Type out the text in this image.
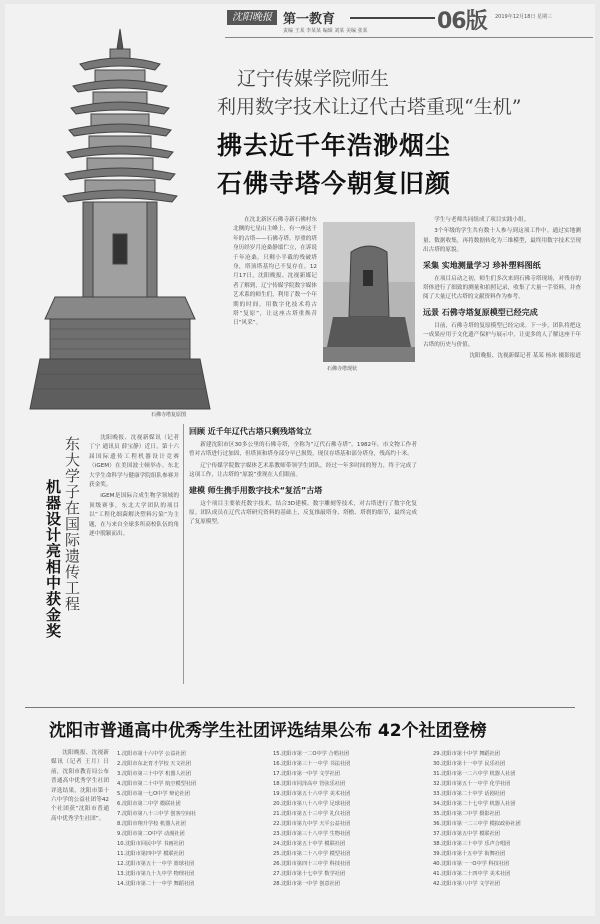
沈阳晚报 第一教育	06版 2019年12月18日 星期三
责编 王某 李某某 编辑 刘某 美编 张某
石佛寺塔复原图
辽宁传媒学院师生
利用数字技术让辽代古塔重现“生机”
拂去近千年浩渺烟尘
石佛寺塔今朝复旧颜

在沈北新区石佛寺新石佛村东北侧的七星山主峰上，有一座这千年的古塔——石佛寺塔。厚重的塔身历经岁月沧桑静谧伫立，在诉说千年沧桑。只剩小半截的残破塔身，塔顶塔基均已不复存在。12月17日，沈阳晚报、沈视新媒记者了解到，辽宁传媒学院数字媒体艺术系的师生们，利用了数一个年期的时间，用数字化技术将古塔“复原”，让这座古塔重焕昔日“风采”。

石佛寺塔现状

学生与老师共同组成了项目实践小组。

3个年级的学生共有数十人参与到这项工作中。通过实地测量、数据收集，再将数据转化为三维模型，最终用数字技术呈现出古塔的原貌。

采集 实地测量学习 珍补塑料图纸

在项目启动之初，师生们多次来到石佛寺塔现场，对残存的塔体进行了细致的测量和拍照记录，收集了大量一手资料，并查阅了大量辽代古塔的文献资料作为参考。

远景 石佛寺塔复原模型已经完成

目前，石佛寺塔的复原模型已经完成。下一步，团队将把这一成果应用于文化遗产保护与展示中，让更多的人了解这座千年古塔的历史与价值。

沈阳晚报、沈视新媒记者 某某 杨冰 摄影报道

回顾 近千年辽代古塔只剩残塔耸立

新建沈阳市区30多公里的石佛寺塔，全称为“辽代石佛寺塔”。1982年，市文物工作者曾对古塔进行过加固，但塔顶和塔身部分早已损毁，现仅存塔基和部分塔身，残高约十米。

辽宁传媒学院数字媒体艺术系教师带领学生团队，经过一年多时间的努力，终于完成了这项工作，让古塔的“原貌”重现在人们眼前。

建模 师生携手用数字技术“复活”古塔

这个项目主要依托数字技术，结合3D建模、数字雕刻等技术，对古塔进行了数字化复原。团队成员在辽代古塔研究资料的基础上，反复推敲塔身、塔檐、塔刹的细节，最终完成了复原模型。

东大学子在国际遗传工程
机器设计亮相中获金奖

沈阳晚报、沈视新媒讯（记者 丁宁 通讯员 薛宝静）近日，第十六届国际遗传工程机器设计竞赛（iGEM）在美国波士顿举办。东北大学生命科学与健康学院组队参赛并获金奖。

iGEM是国际合成生物学领域的顶级赛事，东北大学团队的项目以“工程化细菌解决塑料污染”为主题，在与来自全球多所高校队伍的角逐中脱颖而出。

沈阳市普通高中优秀学生社团评选结果公布 42个社团登榜

沈阳晚报、沈视新媒讯（记者 王月）日前，沈阳市教育局公布普通高中优秀学生社团评选结果，沈阳市第十六中学的公益社团等42个社团获“沈阳市普通高中优秀学生社团”。

1.沈阳市第十六中学 公益社团
2.沈阳市东北育才学校 天文社团
3.沈阳市第三十中学 机器人社团
4.沈阳市第二十中学 航空模型社团
5.沈阳市第一七O中学 辩论社团
6.沈阳市第二中学 模联社团
7.沈阳市第八十三中学 创客空间社
8.沈阳市翔升学校 机器人社团
9.沈阳市第二O中学 动漫社团
10.沈阳市回民中学 书画社团
11.沈阳市第四中学 模联社团
12.沈阳市第五十一中学 篮球社团
13.沈阳市第九十九中学 物理社团
14.沈阳市第二十一中学 舞蹈社团
15.沈阳市第一二O中学 合唱社团
16.沈阳市第三十一中学 书法社团
17.沈阳市第一中学 文学社团
18.沈阳市同泽高中 管弦乐社团
19.沈阳市第五十六中学 美术社团
20.沈阳市第八十八中学 足球社团
21.沈阳市第五十三中学 礼仪社团
22.沈阳市第九中学 天平公益社团
23.沈阳市第三十八中学 生物社团
24.沈阳市第五十中学 模联社团
25.沈阳市第二十八中学 模型社团
26.沈阳市第四十三中学 科技社团
27.沈阳市第十七中学 数学社团
28.沈阳市第一中学 创意社团
29.沈阳市第十中学 舞蹈社团
30.沈阳市第十一中学 民乐社团
31.沈阳市第一二六中学 机器人社团
32.沈阳市第五十一中学 化学社团
33.沈阳市第二十中学 话剧社团
34.沈阳市第二十七中学 机器人社团
35.沈阳市第二中学 摄影社团
36.沈阳市第一二三中学 模拟政协社团
37.沈阳市第五中学 模联社团
38.沈阳市第三十中学 乐声合唱团
39.沈阳市第十五中学 街舞社团
40.沈阳市第一一O中学 科技社团
41.沈阳市第二十四中学 美术社团
42.沈阳市第八中学 文学社团
